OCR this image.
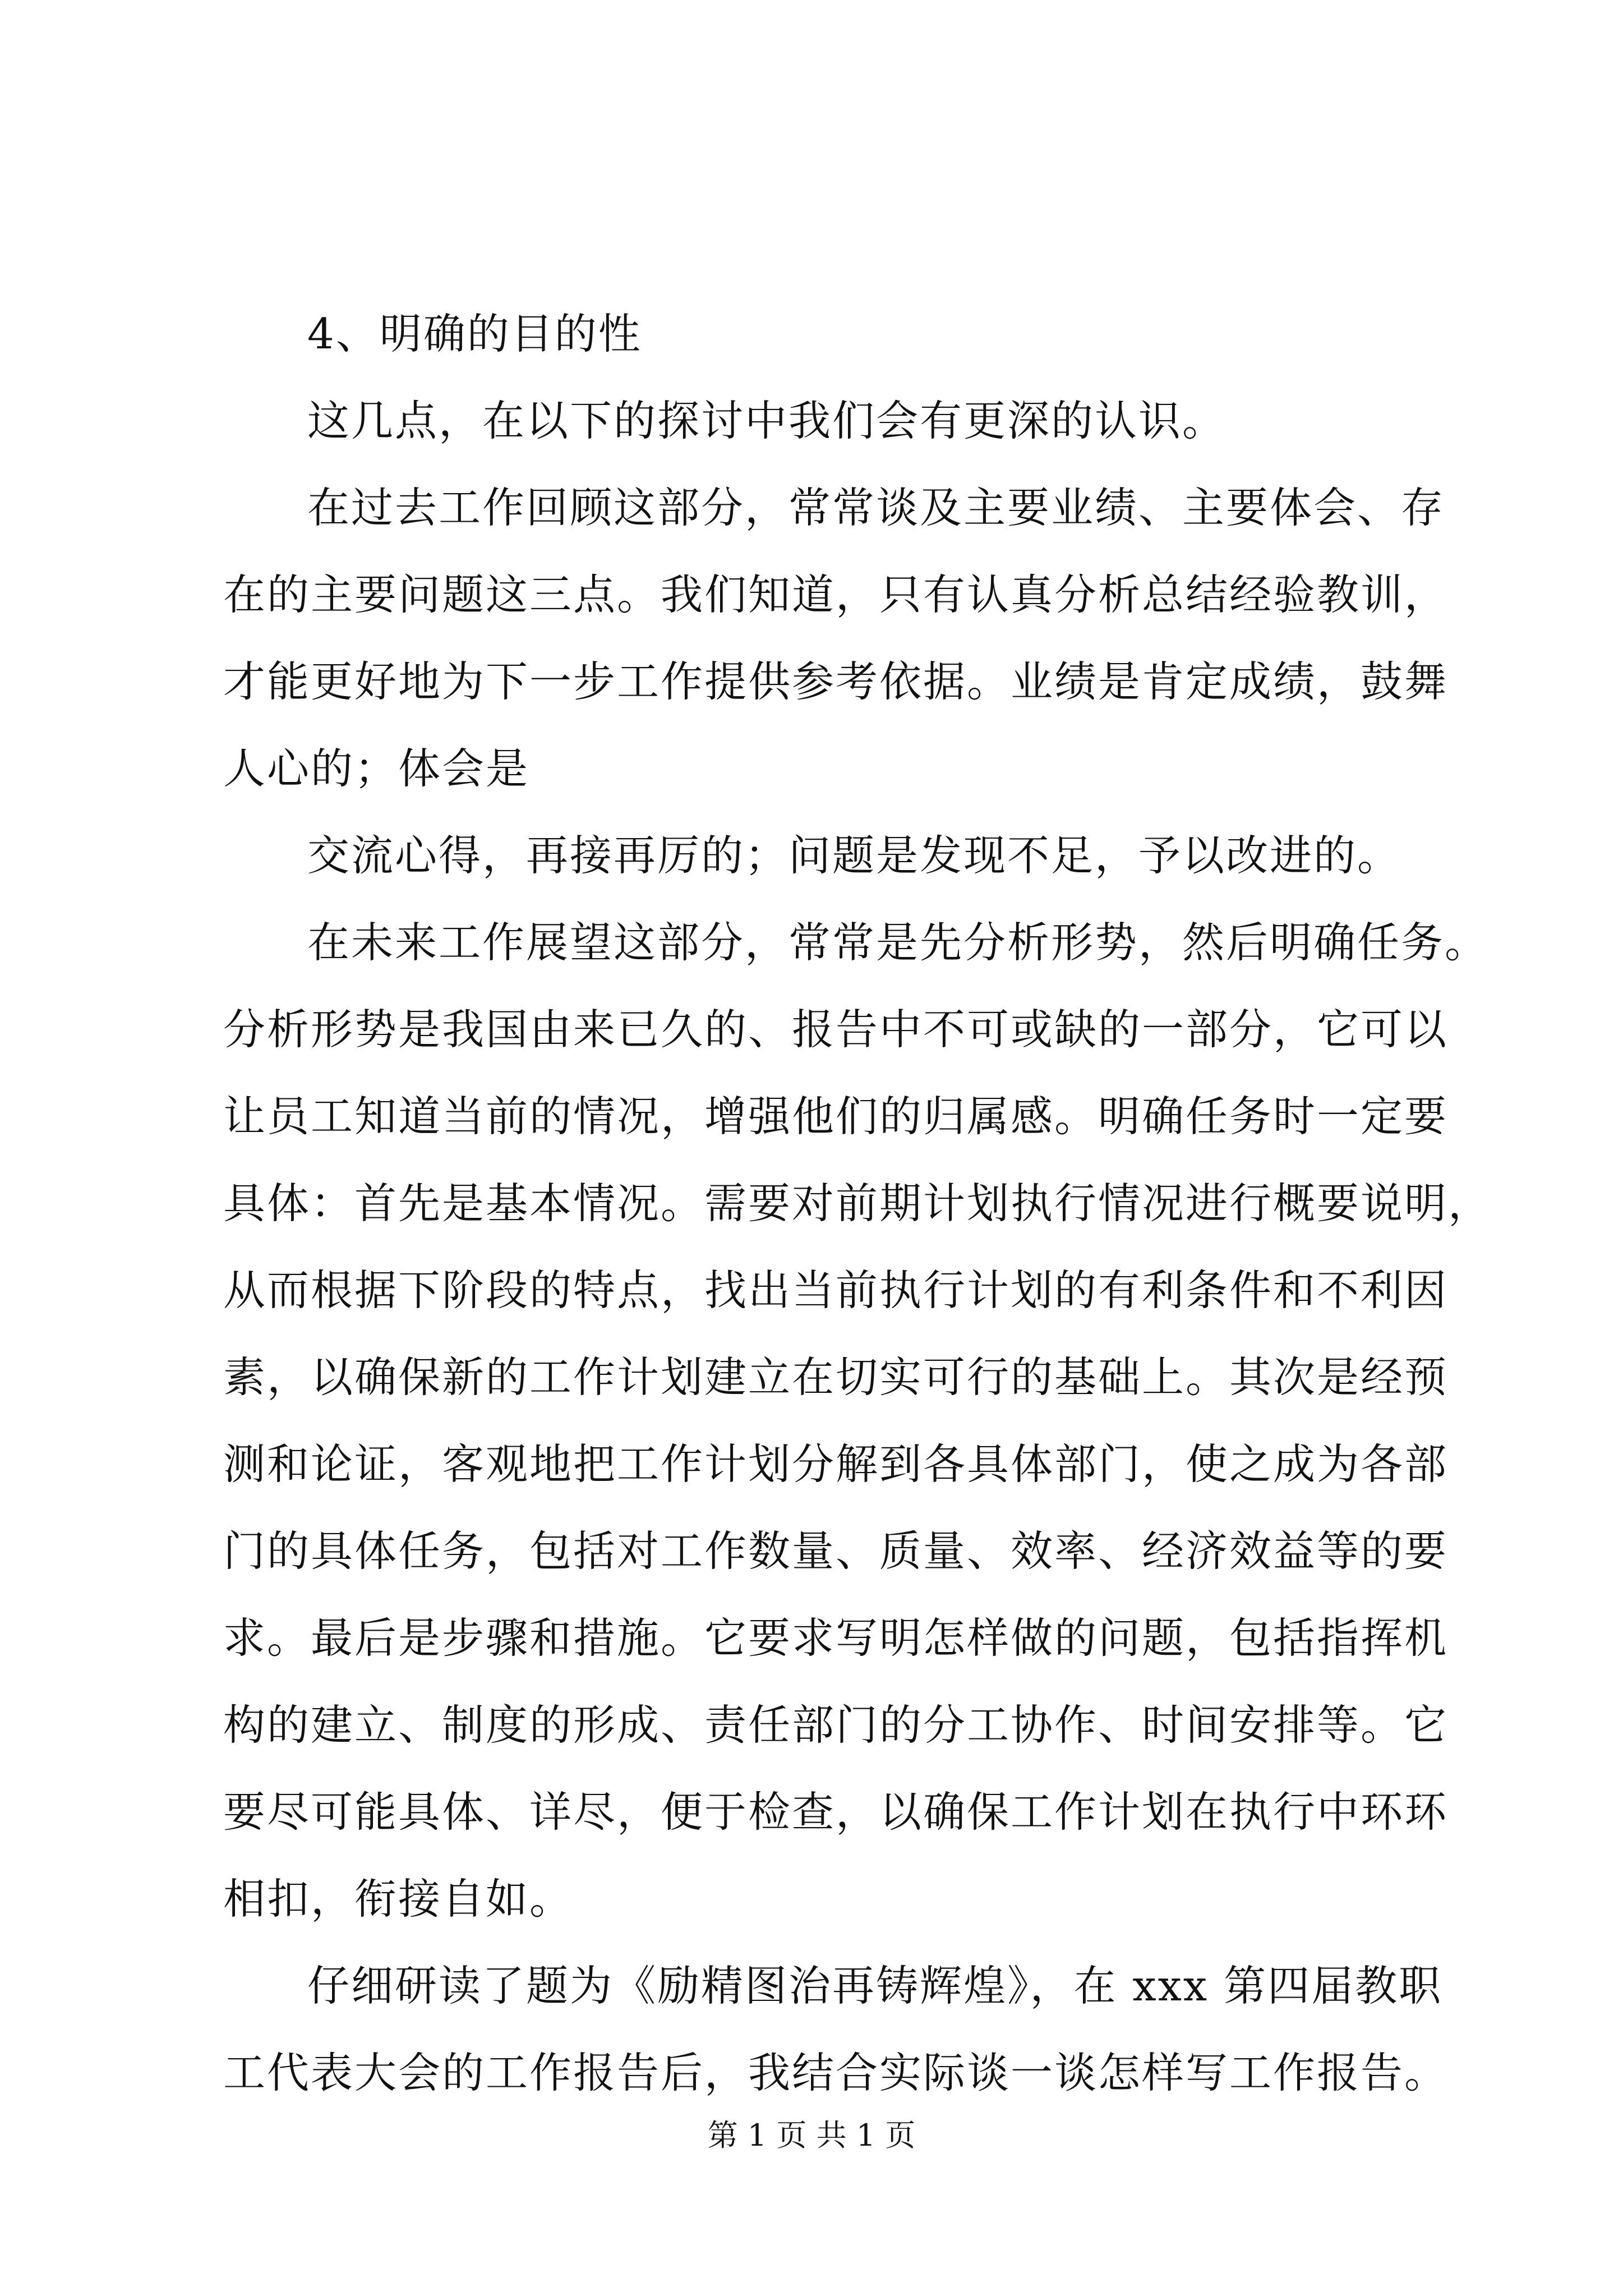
4、明确的目的性
这几点，在以下的探讨中我们会有更深的认识。
在过去工作回顾这部分，常常谈及主要业绩、主要体会、存
在的主要问题这三点。我们知道，只有认真分析总结经验教训，
才能更好地为下一步工作提供参考依据。业绩是肯定成绩，鼓舞
人心的；体会是
交流心得，再接再厉的；问题是发现不足，予以改进的。
在未来工作展望这部分，常常是先分析形势，然后明确任务。
分析形势是我国由来已久的、报告中不可或缺的一部分，它可以
让员工知道当前的情况，增强他们的归属感。明确任务时一定要
具体：首先是基本情况。需要对前期计划执行情况进行概要说明，
从而根据下阶段的特点，找出当前执行计划的有利条件和不利因
素，以确保新的工作计划建立在切实可行的基础上。其次是经预
测和论证，客观地把工作计划分解到各具体部门，使之成为各部
门的具体任务，包括对工作数量、质量、效率、经济效益等的要
求。最后是步骤和措施。它要求写明怎样做的问题，包括指挥机
构的建立、制度的形成、责任部门的分工协作、时间安排等。它
要尽可能具体、详尽，便于检查，以确保工作计划在执行中环环
相扣，衔接自如。
仔细研读了题为《励精图治再铸辉煌》，在 xxx 第四届教职
工代表大会的工作报告后，我结合实际谈一谈怎样写工作报告。
第 1 页 共 1 页
